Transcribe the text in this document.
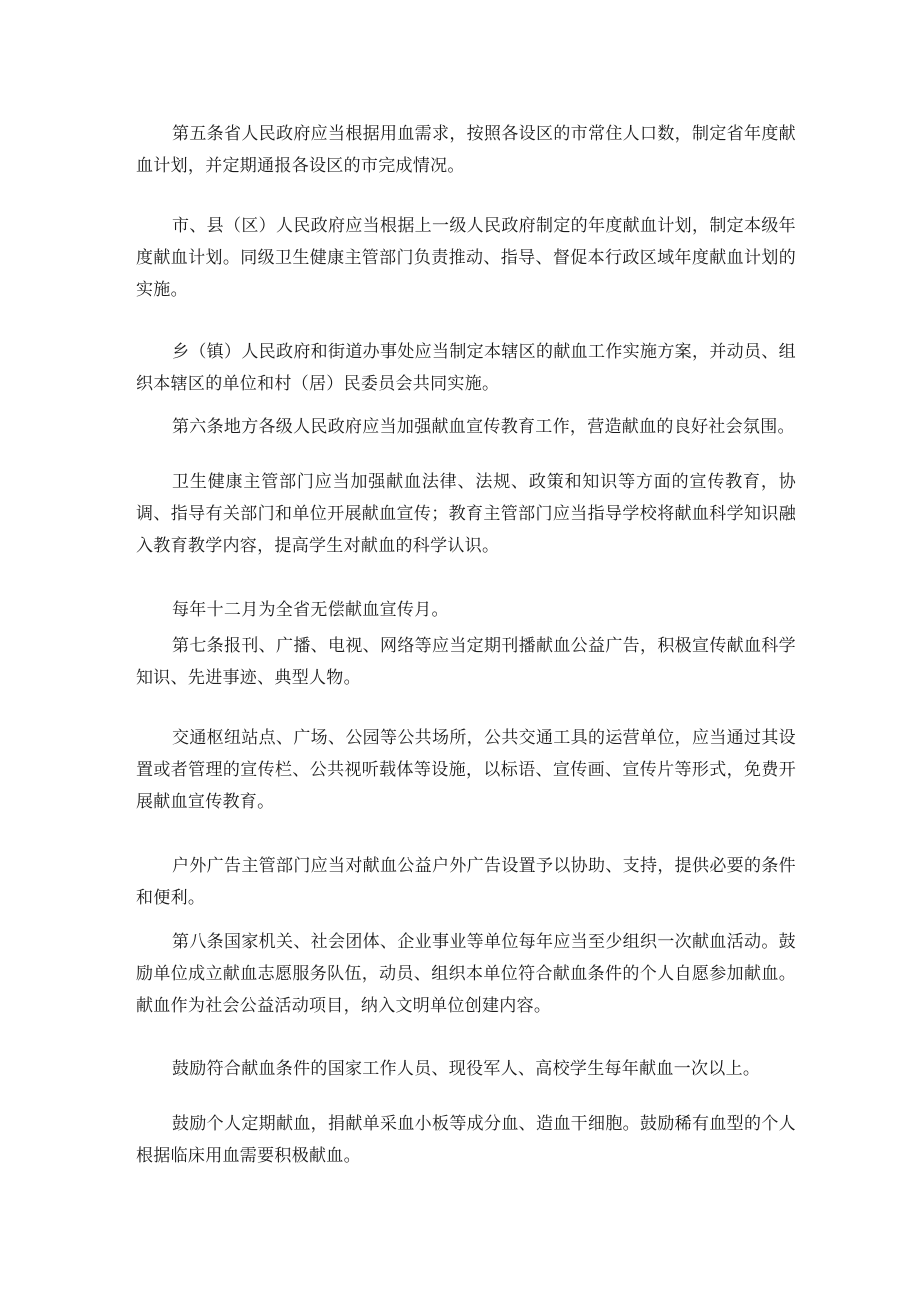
第五条省人民政府应当根据用血需求，按照各设区的市常住人口数，制定省年度献血计划，并定期通报各设区的市完成情况。

市、县（区）人民政府应当根据上一级人民政府制定的年度献血计划，制定本级年度献血计划。同级卫生健康主管部门负责推动、指导、督促本行政区域年度献血计划的实施。

乡（镇）人民政府和街道办事处应当制定本辖区的献血工作实施方案，并动员、组织本辖区的单位和村（居）民委员会共同实施。

第六条地方各级人民政府应当加强献血宣传教育工作，营造献血的良好社会氛围。

卫生健康主管部门应当加强献血法律、法规、政策和知识等方面的宣传教育，协调、指导有关部门和单位开展献血宣传；教育主管部门应当指导学校将献血科学知识融入教育教学内容，提高学生对献血的科学认识。

每年十二月为全省无偿献血宣传月。

第七条报刊、广播、电视、网络等应当定期刊播献血公益广告，积极宣传献血科学知识、先进事迹、典型人物。

交通枢纽站点、广场、公园等公共场所，公共交通工具的运营单位，应当通过其设置或者管理的宣传栏、公共视听载体等设施，以标语、宣传画、宣传片等形式，免费开展献血宣传教育。

户外广告主管部门应当对献血公益户外广告设置予以协助、支持，提供必要的条件和便利。

第八条国家机关、社会团体、企业事业等单位每年应当至少组织一次献血活动。鼓励单位成立献血志愿服务队伍，动员、组织本单位符合献血条件的个人自愿参加献血。献血作为社会公益活动项目，纳入文明单位创建内容。

鼓励符合献血条件的国家工作人员、现役军人、高校学生每年献血一次以上。

鼓励个人定期献血，捐献单采血小板等成分血、造血干细胞。鼓励稀有血型的个人根据临床用血需要积极献血。
